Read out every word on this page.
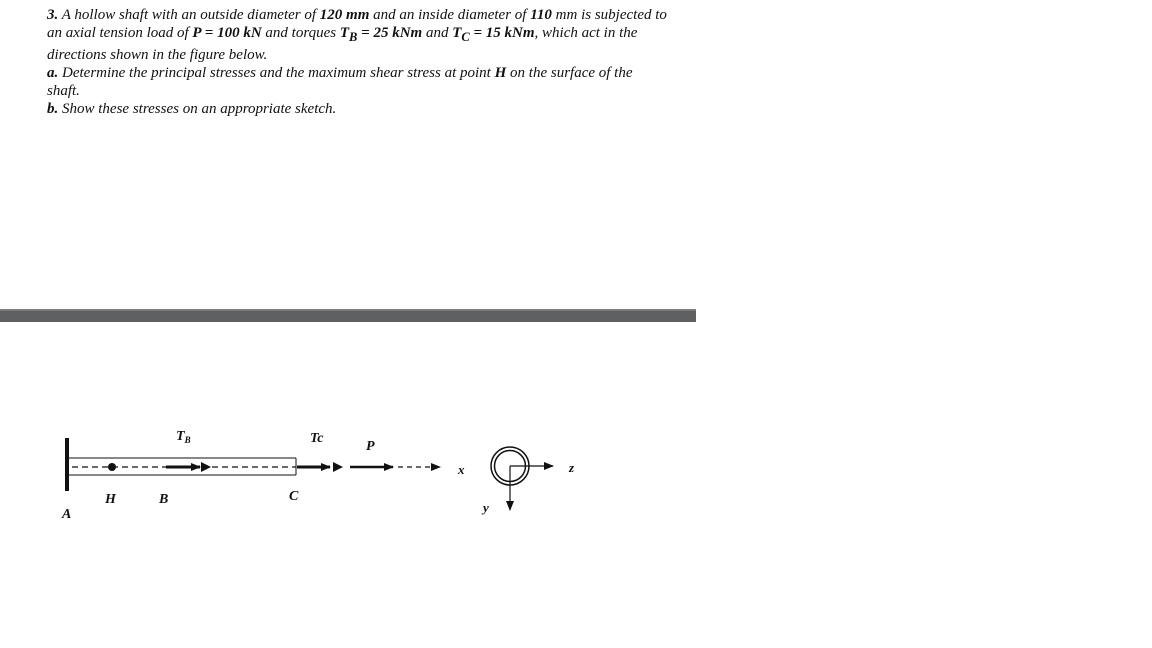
3. A hollow shaft with an outside diameter of 120 mm and an inside diameter of 110 mm is subjected to an axial tension load of P = 100 kN and torques $T_B = 25$ kNm and $T_C = 15$ kNm, which act in the directions shown in the figure below.

a. Determine the principal stresses and the maximum shear stress at point H on the surface of the shaft.

b. Show these stresses on an appropriate sketch.

A
H	B	C
$T_B$	Tc
P
x
y
z
